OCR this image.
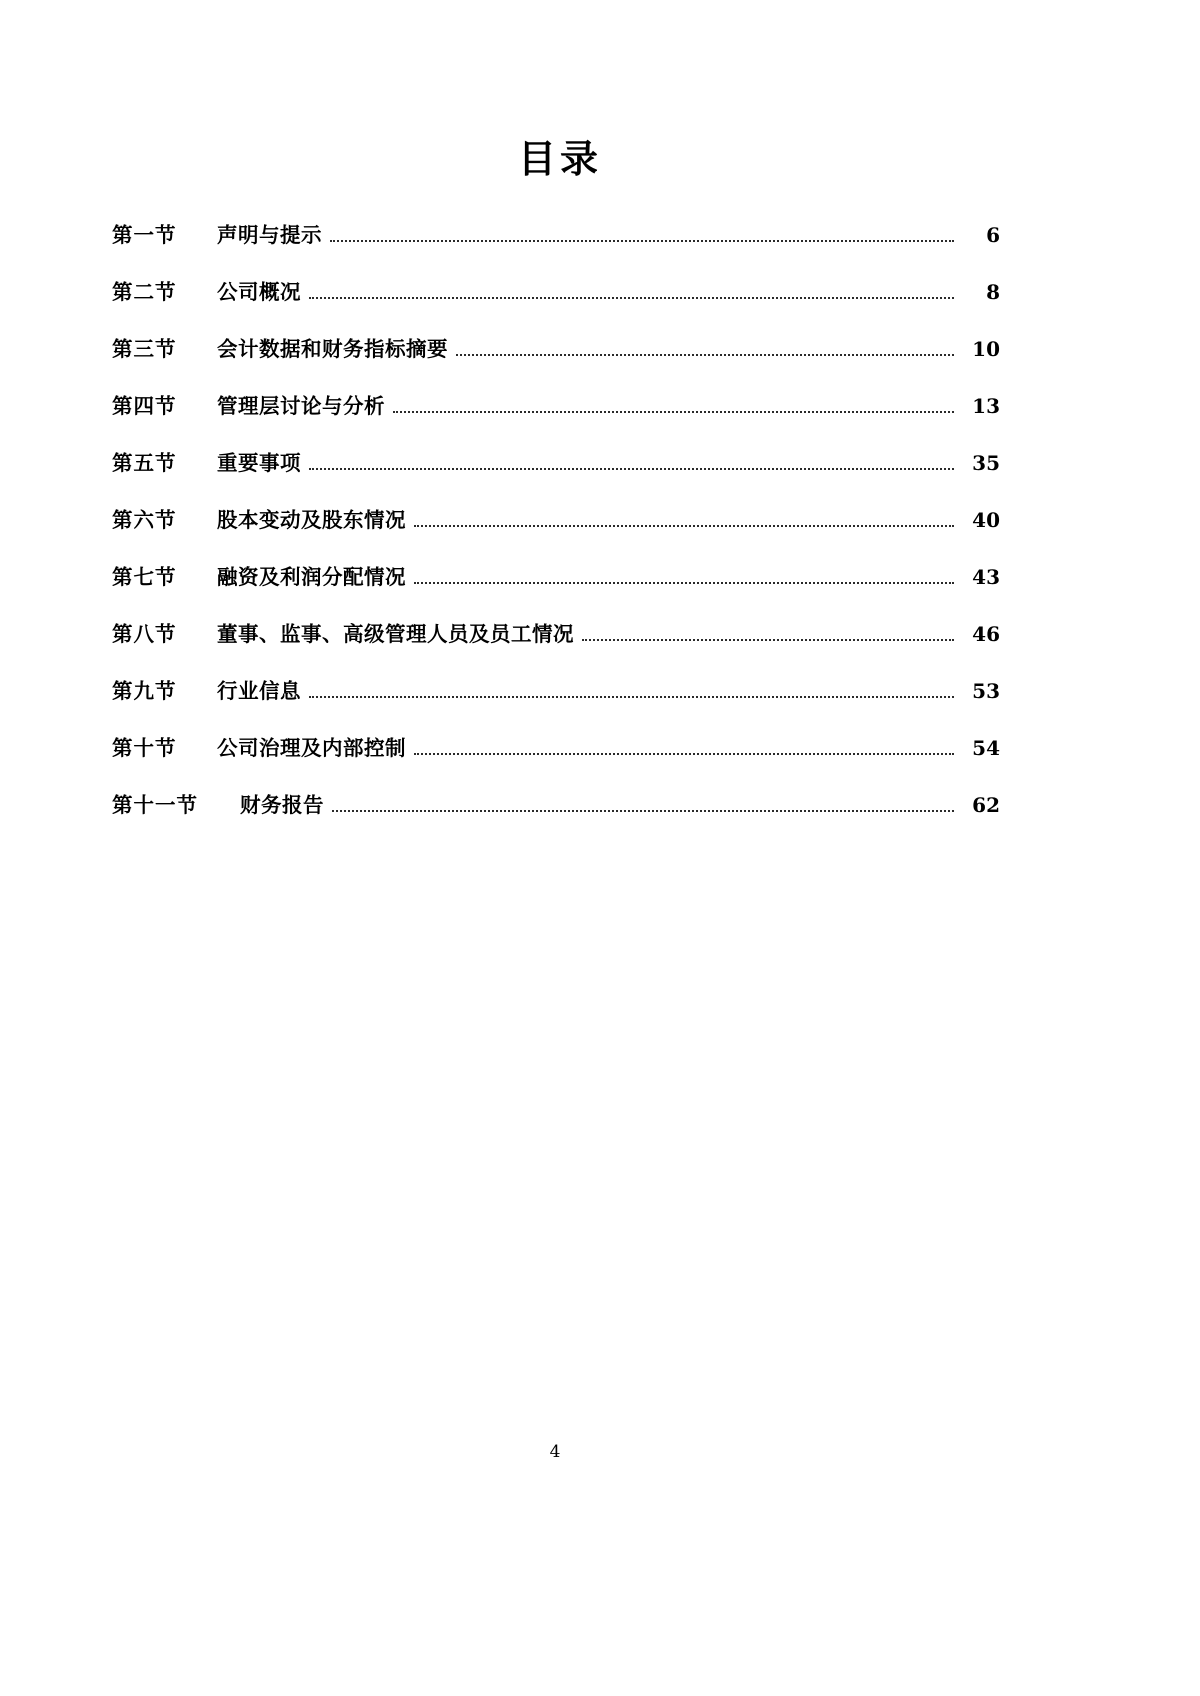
目录
第一节	声明与提示	6
第二节	公司概况	8
第三节	会计数据和财务指标摘要	10
第四节	管理层讨论与分析	13
第五节	重要事项	35
第六节	股本变动及股东情况	40
第七节	融资及利润分配情况	43
第八节	董事、监事、高级管理人员及员工情况	46
第九节	行业信息	53
第十节	公司治理及内部控制	54
第十一节	财务报告	62
4
